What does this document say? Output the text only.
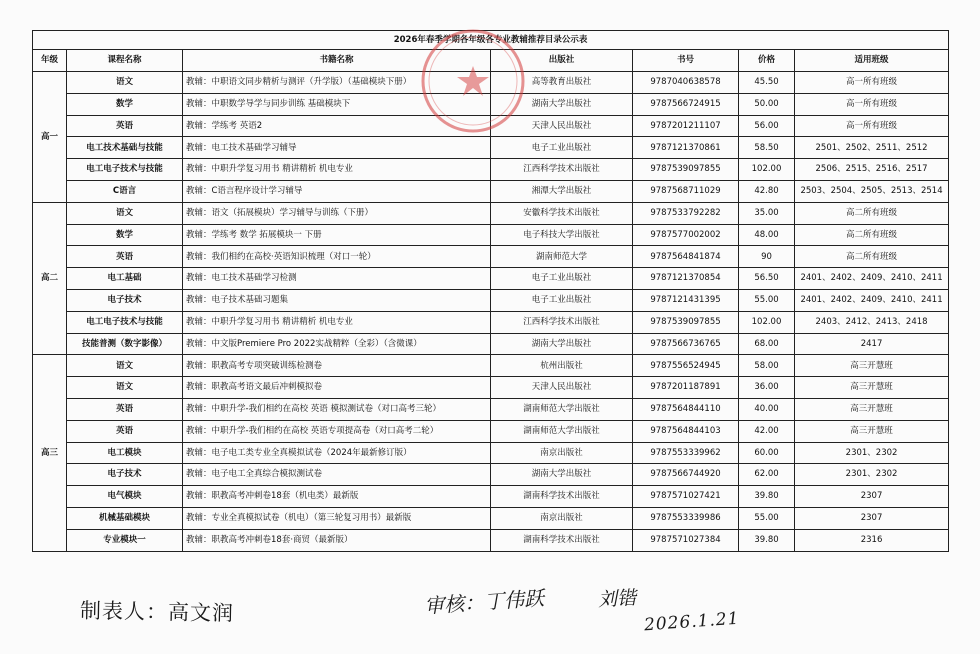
2026年春季学期各年级各专业教辅推荐目录公示表						
年级	课程名称	书籍名称	出版社	书号	价格	适用班级
高一	语文	教辅：中职语文同步精析与测评（升学版）（基础模块下册）	高等教育出版社	9787040638578	45.50	高一所有班级
	数学	教辅：中职数学导学与同步训练 基础模块下	湖南大学出版社	9787566724915	50.00	高一所有班级
	英语	教辅：学练考 英语2	天津人民出版社	9787201211107	56.00	高一所有班级
	电工技术基础与技能	教辅：电工技术基础学习辅导	电子工业出版社	9787121370861	58.50	2501、2502、2511、2512
	电工电子技术与技能	教辅：中职升学复习用书 精讲精析 机电专业	江西科学技术出版社	9787539097855	102.00	2506、2515、2516、2517
	C语言	教辅：C语言程序设计学习辅导	湘潭大学出版社	9787568711029	42.80	2503、2504、2505、2513、2514
高二	语文	教辅：语文（拓展模块）学习辅导与训练（下册）	安徽科学技术出版社	9787533792282	35.00	高二所有班级
	数学	教辅：学练考 数学 拓展模块一 下册	电子科技大学出版社	9787577002002	48.00	高二所有班级
	英语	教辅：我们相约在高校·英语知识梳理（对口一轮）	湖南师范大学	9787564841874	90	高二所有班级
	电工基础	教辅：电工技术基础学习检测	电子工业出版社	9787121370854	56.50	2401、2402、2409、2410、2411
	电子技术	教辅：电子技术基础习题集	电子工业出版社	9787121431395	55.00	2401、2402、2409、2410、2411
	电工电子技术与技能	教辅：中职升学复习用书 精讲精析 机电专业	江西科学技术出版社	9787539097855	102.00	2403、2412、2413、2418
	技能普测（数字影像）	教辅：中文版Premiere Pro 2022实战精粹（全彩）（含微课）	湖南大学出版社	9787566736765	68.00	2417
高三	语文	教辅：职教高考专项突破训练检测卷	杭州出版社	9787556524945	58.00	高三开慧班
	语文	教辅：职教高考语文最后冲刺模拟卷	天津人民出版社	9787201187891	36.00	高三开慧班
	英语	教辅：中职升学-我们相约在高校 英语 模拟测试卷（对口高考三轮）	湖南师范大学出版社	9787564844110	40.00	高三开慧班
	英语	教辅：中职升学-我们相约在高校 英语专项提高卷（对口高考二轮）	湖南师范大学出版社	9787564844103	42.00	高三开慧班
	电工模块	教辅：电子电工类专业全真模拟试卷（2024年最新修订版）	南京出版社	9787553339962	60.00	2301、2302
	电子技术	教辅：电子电工全真综合模拟测试卷	湖南大学出版社	9787566744920	62.00	2301、2302
	电气模块	教辅：职教高考冲刺卷18套（机电类）最新版	湖南科学技术出版社	9787571027421	39.80	2307
	机械基础模块	教辅：专业全真模拟试卷（机电）（第三轮复习用书）最新版	南京出版社	9787553339986	55.00	2307
	专业模块一	教辅：职教高考冲刺卷18套·商贸（最新版）	湖南科学技术出版社	9787571027384	39.80	2316
制表人：高文润	审核：丁伟跃	刘锴
2026.1.21
